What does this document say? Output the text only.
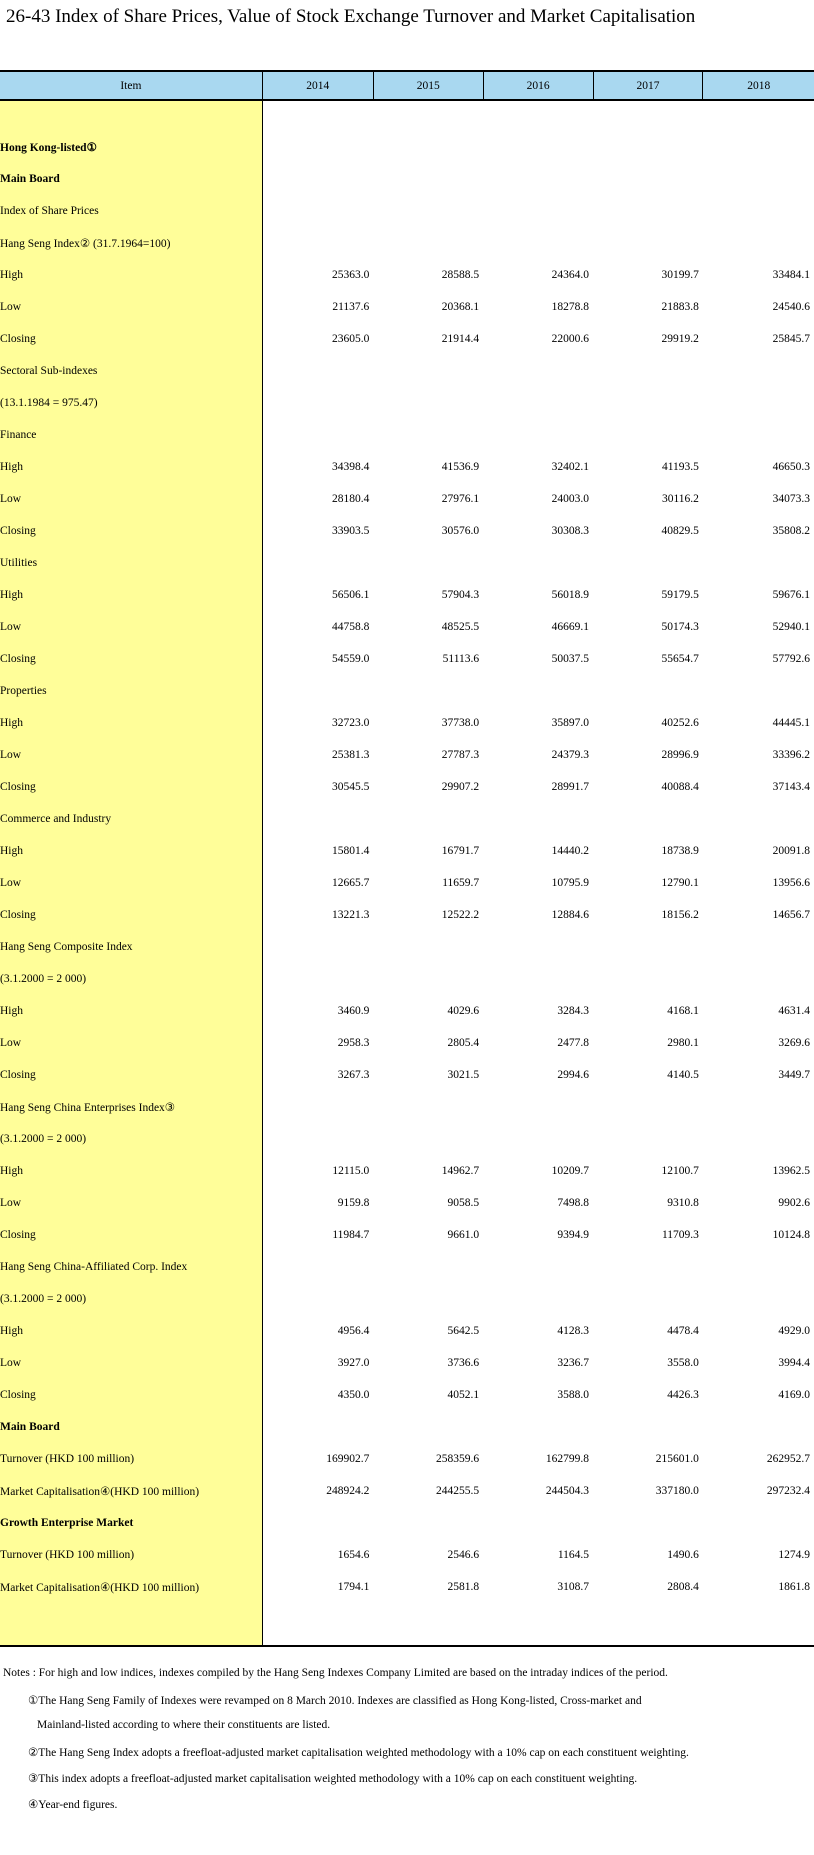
26-43 Index of Share Prices, Value of Stock Exchange Turnover and Market Capitalisation
Item	2014	2015	2016	2017	2018

Hong Kong-listed①					
Main Board					
Index of Share Prices					
Hang Seng Index② (31.7.1964=100)					
High	25363.0	28588.5	24364.0	30199.7	33484.1
Low	21137.6	20368.1	18278.8	21883.8	24540.6
Closing	23605.0	21914.4	22000.6	29919.2	25845.7
Sectoral Sub-indexes					
(13.1.1984 = 975.47)					
Finance					
High	34398.4	41536.9	32402.1	41193.5	46650.3
Low	28180.4	27976.1	24003.0	30116.2	34073.3
Closing	33903.5	30576.0	30308.3	40829.5	35808.2
Utilities					
High	56506.1	57904.3	56018.9	59179.5	59676.1
Low	44758.8	48525.5	46669.1	50174.3	52940.1
Closing	54559.0	51113.6	50037.5	55654.7	57792.6
Properties					
High	32723.0	37738.0	35897.0	40252.6	44445.1
Low	25381.3	27787.3	24379.3	28996.9	33396.2
Closing	30545.5	29907.2	28991.7	40088.4	37143.4
Commerce and Industry					
High	15801.4	16791.7	14440.2	18738.9	20091.8
Low	12665.7	11659.7	10795.9	12790.1	13956.6
Closing	13221.3	12522.2	12884.6	18156.2	14656.7
Hang Seng Composite Index					
(3.1.2000 = 2 000)					
High	3460.9	4029.6	3284.3	4168.1	4631.4
Low	2958.3	2805.4	2477.8	2980.1	3269.6
Closing	3267.3	3021.5	2994.6	4140.5	3449.7
Hang Seng China Enterprises Index③					
(3.1.2000 = 2 000)					
High	12115.0	14962.7	10209.7	12100.7	13962.5
Low	9159.8	9058.5	7498.8	9310.8	9902.6
Closing	11984.7	9661.0	9394.9	11709.3	10124.8
Hang Seng China-Affiliated Corp. Index					
(3.1.2000 = 2 000)					
High	4956.4	5642.5	4128.3	4478.4	4929.0
Low	3927.0	3736.6	3236.7	3558.0	3994.4
Closing	4350.0	4052.1	3588.0	4426.3	4169.0
Main Board					
Turnover (HKD 100 million)	169902.7	258359.6	162799.8	215601.0	262952.7
Market Capitalisation④(HKD 100 million)	248924.2	244255.5	244504.3	337180.0	297232.4
Growth Enterprise Market					
Turnover (HKD 100 million)	1654.6	2546.6	1164.5	1490.6	1274.9
Market Capitalisation④(HKD 100 million)	1794.1	2581.8	3108.7	2808.4	1861.8

Notes : For high and low indices, indexes compiled by the Hang Seng Indexes Company Limited are based on the intraday indices of the period.
①The Hang Seng Family of Indexes were revamped on 8 March 2010. Indexes are classified as Hong Kong-listed, Cross-market and
Mainland-listed according to where their constituents are listed.
②The Hang Seng Index adopts a freefloat-adjusted market capitalisation weighted methodology with a 10% cap on each constituent weighting.
③This index adopts a freefloat-adjusted market capitalisation weighted methodology with a 10% cap on each constituent weighting.
④Year-end figures.
